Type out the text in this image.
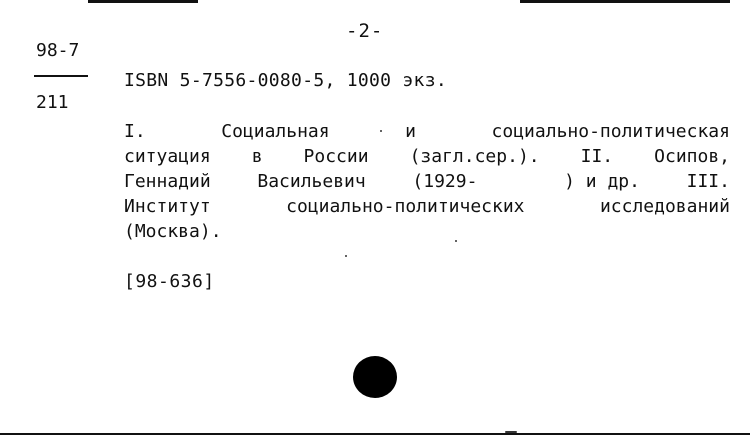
-2-
98-7
211
ISBN 5-7556-0080-5, 1000 экз.
I.	Социальная	и	социально-политическая
ситуация в России (загл.сер.). II. Осипов,
Геннадий	Васильевич	(1929-        ) и др.	III.
Институт	социально-политических	исследований
(Москва).
[98-636]
